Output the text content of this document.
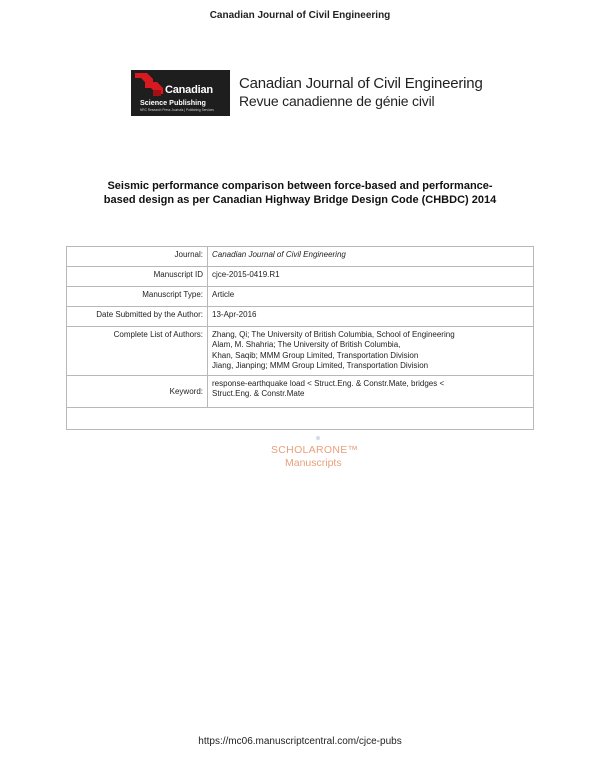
Canadian Journal of Civil Engineering
Canadian
Science Publishing
NRC Research Press Journals | Publishing Services
Canadian Journal of Civil Engineering
Revue canadienne de génie civil
Seismic performance comparison between force-based and performance-based design as per Canadian Highway Bridge Design Code (CHBDC) 2014
Journal:	Canadian Journal of Civil Engineering
Manuscript ID	cjce-2015-0419.R1
Manuscript Type:	Article
Date Submitted by the Author:	13-Apr-2016
Complete List of Authors:	Zhang, Qi; The University of British Columbia, School of Engineering
Alam, M. Shahria; The University of British Columbia,
Khan, Saqib; MMM Group Limited, Transportation Division
Jiang, Jianping; MMM Group Limited, Transportation Division

Keyword:	response-earthquake load < Struct.Eng. & Constr.Mate, bridges <
Struct.Eng. & Constr.Mate

SCHOLARONE™
Manuscripts
https://mc06.manuscriptcentral.com/cjce-pubs
